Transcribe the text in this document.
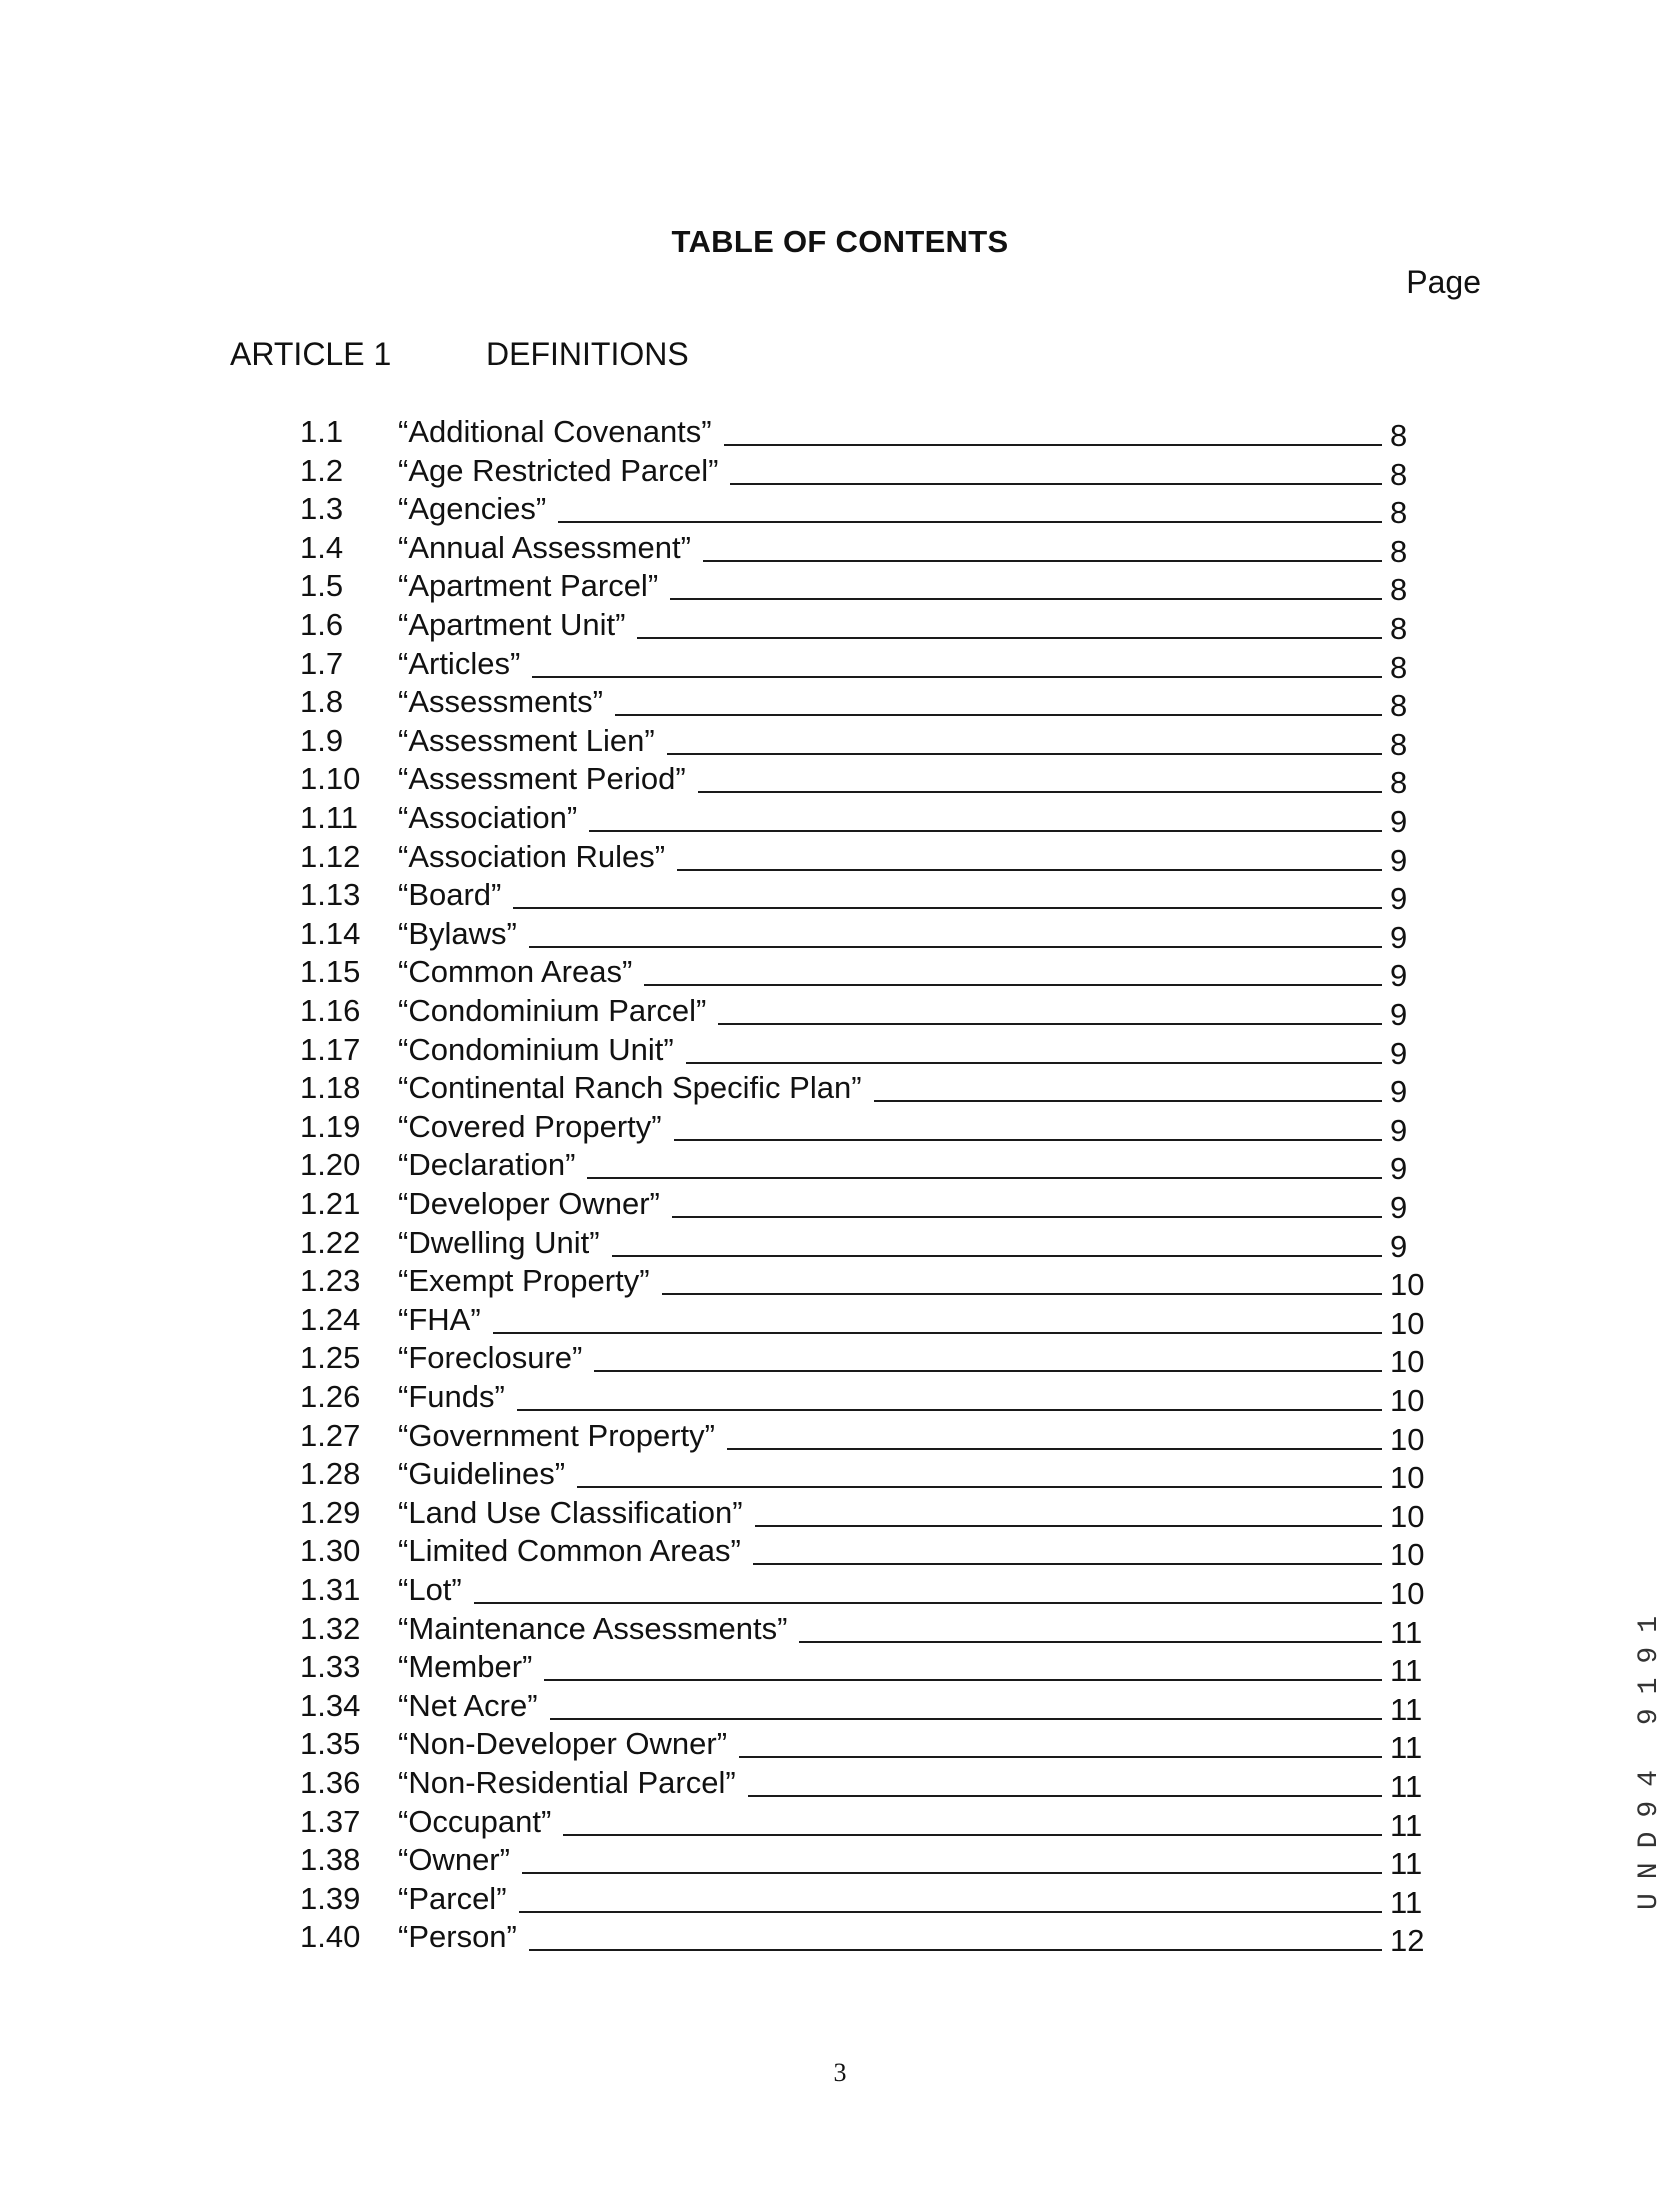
TABLE OF CONTENTS
Page
ARTICLE 1	DEFINITIONS
1.1 “Additional Covenants”	8
1.2 “Age Restricted Parcel”	8
1.3 “Agencies”	8
1.4 “Annual Assessment”	8
1.5 “Apartment Parcel”	8
1.6 “Apartment Unit”	8
1.7 “Articles”	8
1.8 “Assessments”	8
1.9 “Assessment Lien”	8
1.10 “Assessment Period”	8
1.11 “Association”	9
1.12 “Association Rules”	9
1.13 “Board”	9
1.14 “Bylaws”	9
1.15 “Common Areas”	9
1.16 “Condominium Parcel”	9
1.17 “Condominium Unit”	9
1.18 “Continental Ranch Specific Plan”	9
1.19 “Covered Property”	9
1.20 “Declaration”	9
1.21 “Developer Owner”	9
1.22 “Dwelling Unit”	9
1.23 “Exempt Property”	10
1.24 “FHA”	10
1.25 “Foreclosure”	10
1.26 “Funds”	10
1.27 “Government Property”	10
1.28 “Guidelines”	10
1.29 “Land Use Classification”	10
1.30 “Limited Common Areas”	10
1.31 “Lot”	10
1.32 “Maintenance Assessments”	11
1.33 “Member”	11
1.34 “Net Acre”	11
1.35 “Non-Developer Owner”	11
1.36 “Non-Residential Parcel”	11
1.37 “Occupant”	11
1.38 “Owner”	11
1.39 “Parcel”	11
1.40 “Person”	12
3
UND94 9191
